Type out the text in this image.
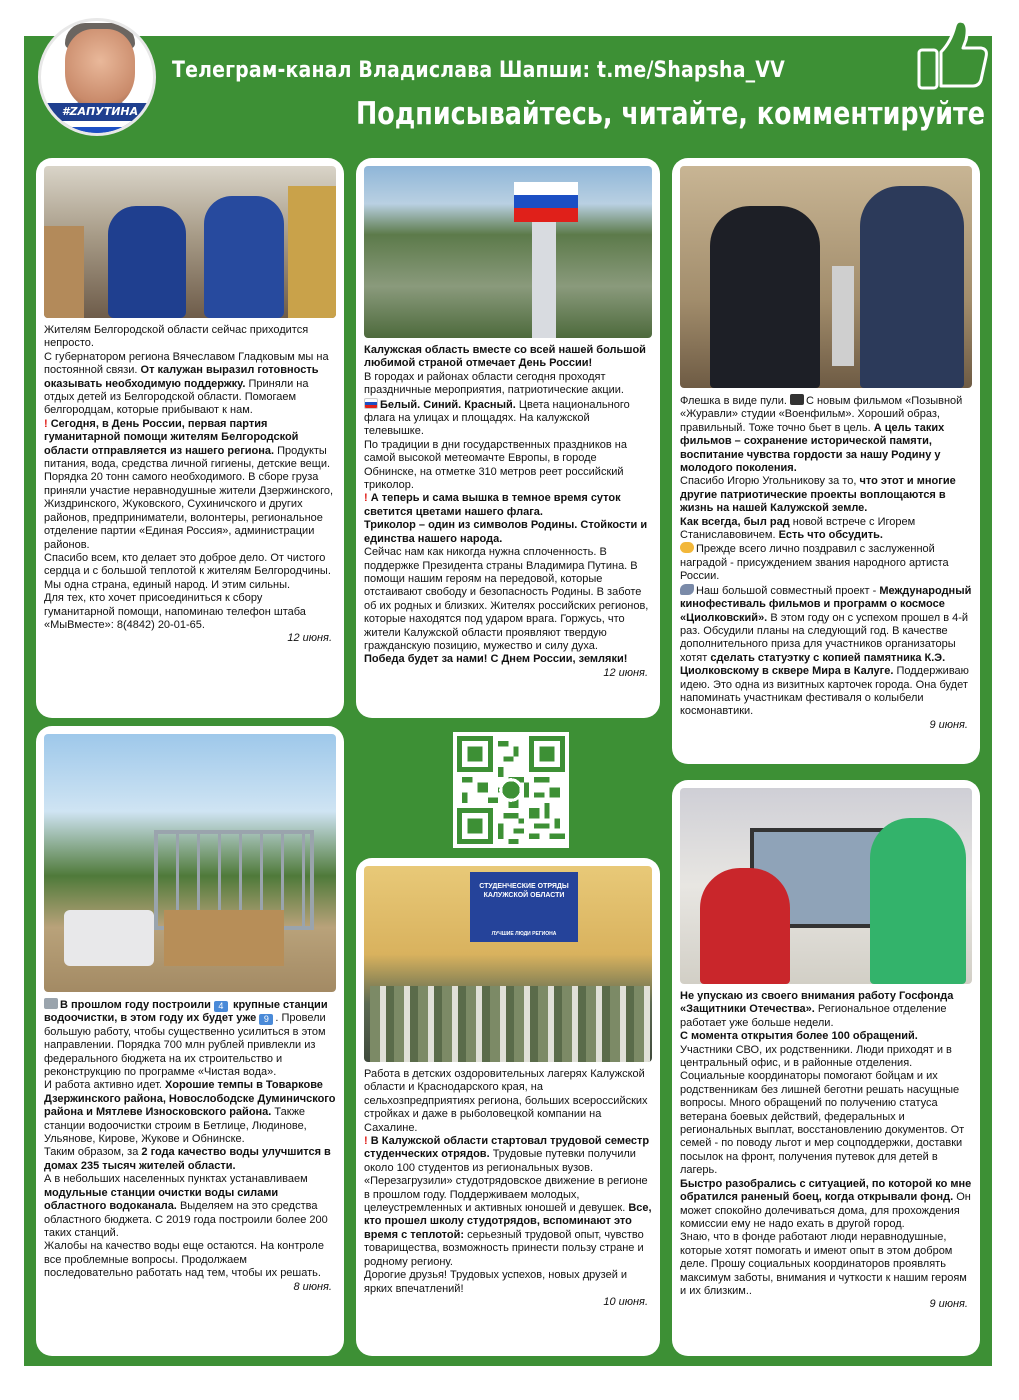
#ZAПУТИНА
Телеграм-канал Владислава Шапши: t.me/Shapsha_VV
Подписывайтесь, читайте, комментируйте

Жителям Белгородской области сейчас приходится непросто.

С губернатором региона Вячеславом Гладковым мы на постоянной связи. От калужан выразил готовность оказывать необходимую поддержку. Приняли на отдых детей из Белгородской области. Помогаем белгородцам, которые прибывают к нам.

! Сегодня, в День России, первая партия гуманитарной помощи жителям Белгородской области отправляется из нашего региона. Продукты питания, вода, средства личной гигиены, детские вещи. Порядка 20 тонн самого необходимого. В сборе груза приняли участие неравнодушные жители Дзержинского, Жиздринского, Жуковского, Сухиничского и других районов, предприниматели, волонтеры, региональное отделение партии «Единая Россия», администрации районов.

Спасибо всем, кто делает это доброе дело. От чистого сердца и с большой теплотой к жителям Белгородчины. Мы одна страна, единый народ. И этим сильны.

Для тех, кто хочет присоединиться к сбору гуманитарной помощи, напоминаю телефон штаба «МыВместе»: 8(4842) 20-01-65.

12 июня.

Калужская область вместе со всей нашей большой любимой страной отмечает День России!

В городах и районах области сегодня проходят праздничные мероприятия, патриотические акции.

Белый. Синий. Красный. Цвета национального флага на улицах и площадях. На калужской телевышке.

По традиции в дни государственных праздников на самой высокой метеомачте Европы, в городе Обнинске, на отметке 310 метров реет российский триколор.

! А теперь и сама вышка в темное время суток светится цветами нашего флага.

Триколор – один из символов Родины. Стойкости и единства нашего народа.

Сейчас нам как никогда нужна сплоченность. В поддержке Президента страны Владимира Путина. В помощи нашим героям на передовой, которые отстаивают свободу и безопасность Родины. В заботе об их родных и близких. Жителях российских регионов, которые находятся под ударом врага. Горжусь, что жители Калужской области проявляют твердую гражданскую позицию, мужество и силу духа.

Победа будет за нами! С Днем России, земляки!

12 июня.

Флешка в виде пули. С новым фильмом «Позывной «Журавли» студии «Военфильм». Хороший образ, правильный. Тоже точно бьет в цель. А цель таких фильмов – сохранение исторической памяти, воспитание чувства гордости за нашу Родину у молодого поколения.

Спасибо Игорю Угольникову за то, что этот и многие другие патриотические проекты воплощаются в жизнь на нашей Калужской земле.

Как всегда, был рад новой встрече с Игорем Станиславовичем. Есть что обсудить.

Прежде всего лично поздравил с заслуженной наградой - присуждением звания народного артиста России.

Наш большой совместный проект - Международный кинофестиваль фильмов и программ о космосе «Циолковский». В этом году он с успехом прошел в 4-й раз. Обсудили планы на следующий год. В качестве дополнительного приза для участников организаторы хотят сделать статуэтку с копией памятника К.Э. Циолковскому в сквере Мира в Калуге. Поддерживаю идею. Это одна из визитных карточек города. Она будет напоминать участникам фестиваля о колыбели космонавтики.

9 июня.

В прошлом году построили 4 крупные станции водоочистки, в этом году их будет уже 9 . Провели большую работу, чтобы существенно усилиться в этом направлении. Порядка 700 млн рублей привлекли из федерального бюджета на их строительство и реконструкцию по программе «Чистая вода».

И работа активно идет. Хорошие темпы в Товаркове Дзержинского района, Новослободске Думиничского района и Мятлеве Износковского района. Также станции водоочистки строим в Бетлице, Людинове, Ульянове, Кирове, Жукове и Обнинске.

Таким образом, за 2 года качество воды улучшится в домах 235 тысяч жителей области.

А в небольших населенных пунктах устанавливаем модульные станции очистки воды силами областного водоканала. Выделяем на это средства областного бюджета. С 2019 года построили более 200 таких станций.

Жалобы на качество воды еще остаются. На контроле все проблемные вопросы. Продолжаем последовательно работать над тем, чтобы их решать.

8 июня.

СТУДЕНЧЕСКИЕ ОТРЯДЫ КАЛУЖСКОЙ ОБЛАСТИ
ЛУЧШИЕ ЛЮДИ РЕГИОНА

Работа в детских оздоровительных лагерях Калужской области и Краснодарского края, на сельхозпредприятиях региона, больших всероссийских стройках и даже в рыболовецкой компании на Сахалине.

! В Калужской области стартовал трудовой семестр студенческих отрядов. Трудовые путевки получили около 100 студентов из региональных вузов.

«Перезагрузили» студотрядовское движение в регионе в прошлом году. Поддерживаем молодых, целеустремленных и активных юношей и девушек. Все, кто прошел школу студотрядов, вспоминают это время с теплотой: серьезный трудовой опыт, чувство товарищества, возможность принести пользу стране и родному региону.

Дорогие друзья! Трудовых успехов, новых друзей и ярких впечатлений!

10 июня.

Не упускаю из своего внимания работу Госфонда «Защитники Отечества». Региональное отделение работает уже больше недели.

С момента открытия более 100 обращений. Участники СВО, их родственники. Люди приходят и в центральный офис, и в районные отделения.

Социальные координаторы помогают бойцам и их родственникам без лишней беготни решать насущные вопросы. Много обращений по получению статуса ветерана боевых действий, федеральных и региональных выплат, восстановлению документов. От семей - по поводу льгот и мер соцподдержки, доставки посылок на фронт, получения путевок для детей в лагерь.

Быстро разобрались с ситуацией, по которой ко мне обратился раненый боец, когда открывали фонд. Он может спокойно долечиваться дома, для прохождения комиссии ему не надо ехать в другой город.

Знаю, что в фонде работают люди неравнодушные, которые хотят помогать и имеют опыт в этом добром деле. Прошу социальных координаторов проявлять максимум заботы, внимания и чуткости к нашим героям и их близким..

9 июня.
